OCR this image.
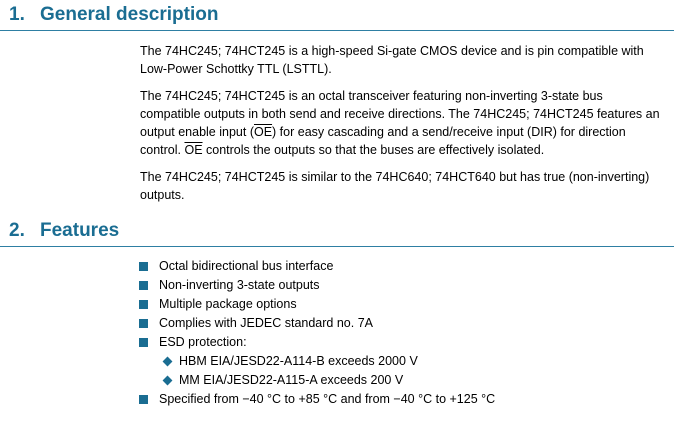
1. General description

The 74HC245; 74HCT245 is a high-speed Si-gate CMOS device and is pin compatible with Low-Power Schottky TTL (LSTTL).

The 74HC245; 74HCT245 is an octal transceiver featuring non-inverting 3-state bus compatible outputs in both send and receive directions. The 74HC245; 74HCT245 features an output enable input $(\overline{OE})$ for easy cascading and a send/receive input (DIR) for direction control. $\overline{OE}$ controls the outputs so that the buses are effectively isolated.

The 74HC245; 74HCT245 is similar to the 74HC640; 74HCT640 but has true (non-inverting) outputs.

2. Features
Octal bidirectional bus interface
Non-inverting 3-state outputs
Multiple package options
Complies with JEDEC standard no. 7A
ESD protection:
HBM EIA/JESD22-A114-B exceeds 2000 V
MM EIA/JESD22-A115-A exceeds 200 V
Specified from −40 °C to +85 °C and from −40 °C to +125 °C
